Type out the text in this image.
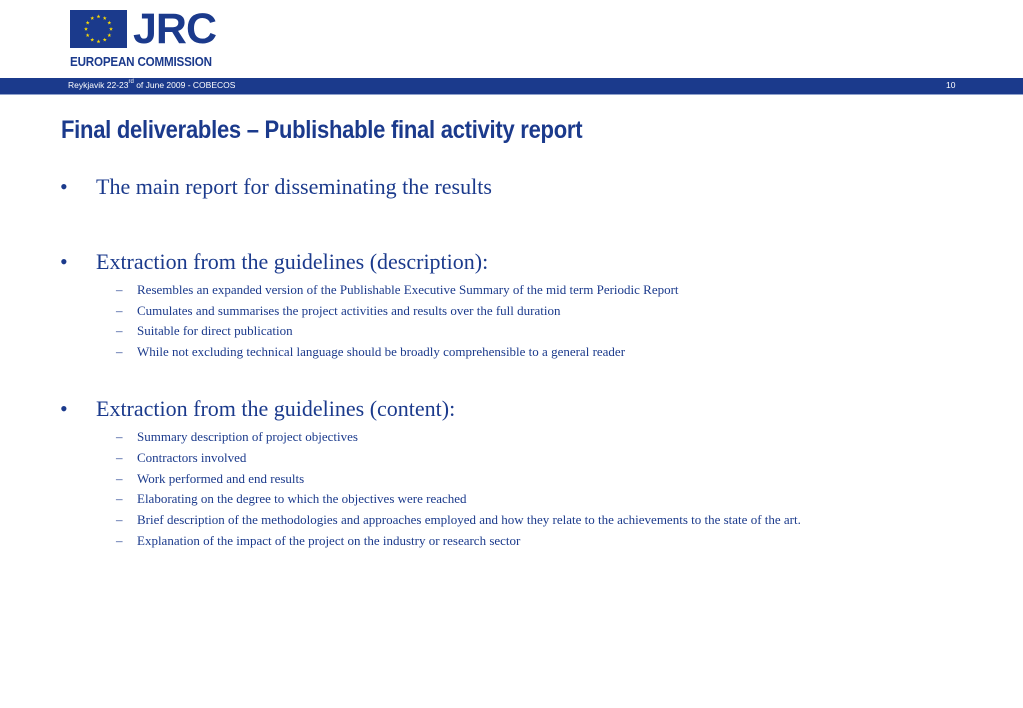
JRC
EUROPEAN COMMISSION
Reykjavik 22-23rd of June 2009 - COBECOS	10
Final deliverables – Publishable final activity report
• The main report for disseminating the results
• Extraction from the guidelines (description):
– Resembles an expanded version of the Publishable Executive Summary of the mid term Periodic Report
– Cumulates and summarises the project activities and results over the full duration
– Suitable for direct publication
– While not excluding technical language should be broadly comprehensible to a general reader
• Extraction from the guidelines (content):
– Summary description of project objectives
– Contractors involved
– Work performed and end results
– Elaborating on the degree to which the objectives were reached
– Brief description of the methodologies and approaches employed and how they relate to the achievements to the state of the art.
– Explanation of the impact of the project on the industry or research sector
